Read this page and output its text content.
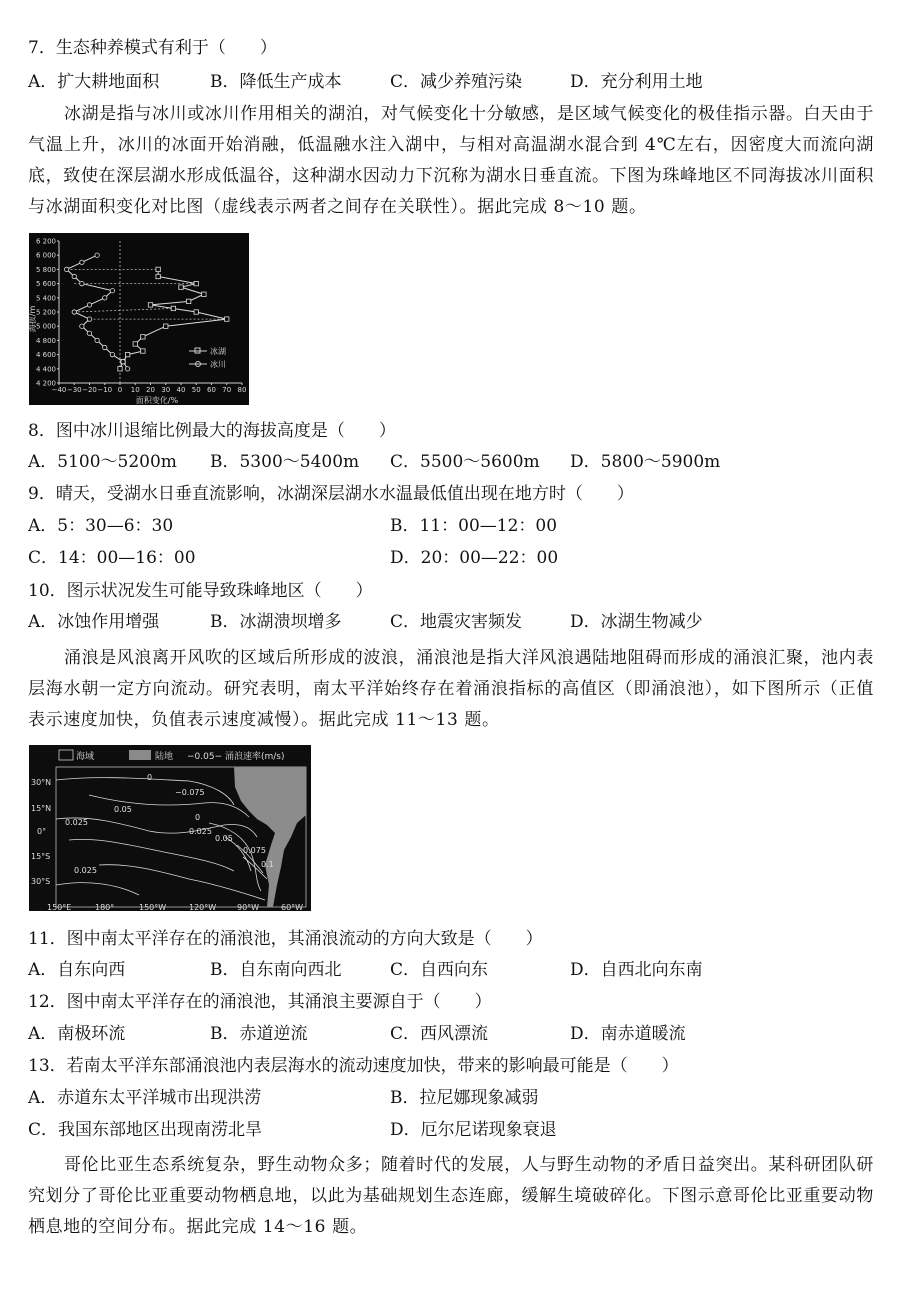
7．生态种养模式有利于（　　）
A．扩大耕地面积	B．降低生产成本	C．减少养殖污染	D．充分利用土地
冰湖是指与冰川或冰川作用相关的湖泊，对气候变化十分敏感，是区域气候变化的极佳指示器。白天由于气温上升，冰川的冰面开始消融，低温融水注入湖中，与相对高温湖水混合到 4℃左右，因密度大而流向湖底，致使在深层湖水形成低温谷，这种湖水因动力下沉称为湖水日垂直流。下图为珠峰地区不同海拔冰川面积与冰湖面积变化对比图（虚线表示两者之间存在关联性）。据此完成 8～10 题。
6 200
6 000
5 800
5 600
5 400
5 200
5 000
4 800
4 600
4 400
4 200
−40 −30 −20 −10 0 10 20 30 40 50 60 70 80
海拔/m
面积变化/%
冰湖
冰川
8．图中冰川退缩比例最大的海拔高度是（　　）
A．5100～5200m B．5300～5400m C．5500～5600m D．5800～5900m
9．晴天，受湖水日垂直流影响，冰湖深层湖水水温最低值出现在地方时（　　）
A．5：30—6：30	B．11：00—12：00
C．14：00—16：00	D．20：00—22：00
10．图示状况发生可能导致珠峰地区（　　）
A．冰蚀作用增强	B．冰湖溃坝增多	C．地震灾害频发	D．冰湖生物减少
涌浪是风浪离开风吹的区域后所形成的波浪，涌浪池是指大洋风浪遇陆地阻碍而形成的涌浪汇聚，池内表层海水朝一定方向流动。研究表明，南太平洋始终存在着涌浪指标的高值区（即涌浪池），如下图所示（正值表示速度加快，负值表示速度减慢）。据此完成 11～13 题。
海域	陆地 −0.05− 涌浪速率(m/s)
0
−0.075
0.05
0.025
0
0.025
0.05
0.075
0.1
0.025
30°N
15°N
0°
15°S
30°S
150°E	180°	150°W	120°W	90°W	60°W
11．图中南太平洋存在的涌浪池，其涌浪流动的方向大致是（　　）
A．自东向西	B．自东南向西北	C．自西向东	D．自西北向东南
12．图中南太平洋存在的涌浪池，其涌浪主要源自于（　　）
A．南极环流	B．赤道逆流	C．西风漂流	D．南赤道暖流
13．若南太平洋东部涌浪池内表层海水的流动速度加快，带来的影响最可能是（　　）
A．赤道东太平洋城市出现洪涝	B．拉尼娜现象减弱
C．我国东部地区出现南涝北旱	D．厄尔尼诺现象衰退
哥伦比亚生态系统复杂，野生动物众多；随着时代的发展，人与野生动物的矛盾日益突出。某科研团队研究划分了哥伦比亚重要动物栖息地，以此为基础规划生态连廊，缓解生境破碎化。下图示意哥伦比亚重要动物栖息地的空间分布。据此完成 14～16 题。
